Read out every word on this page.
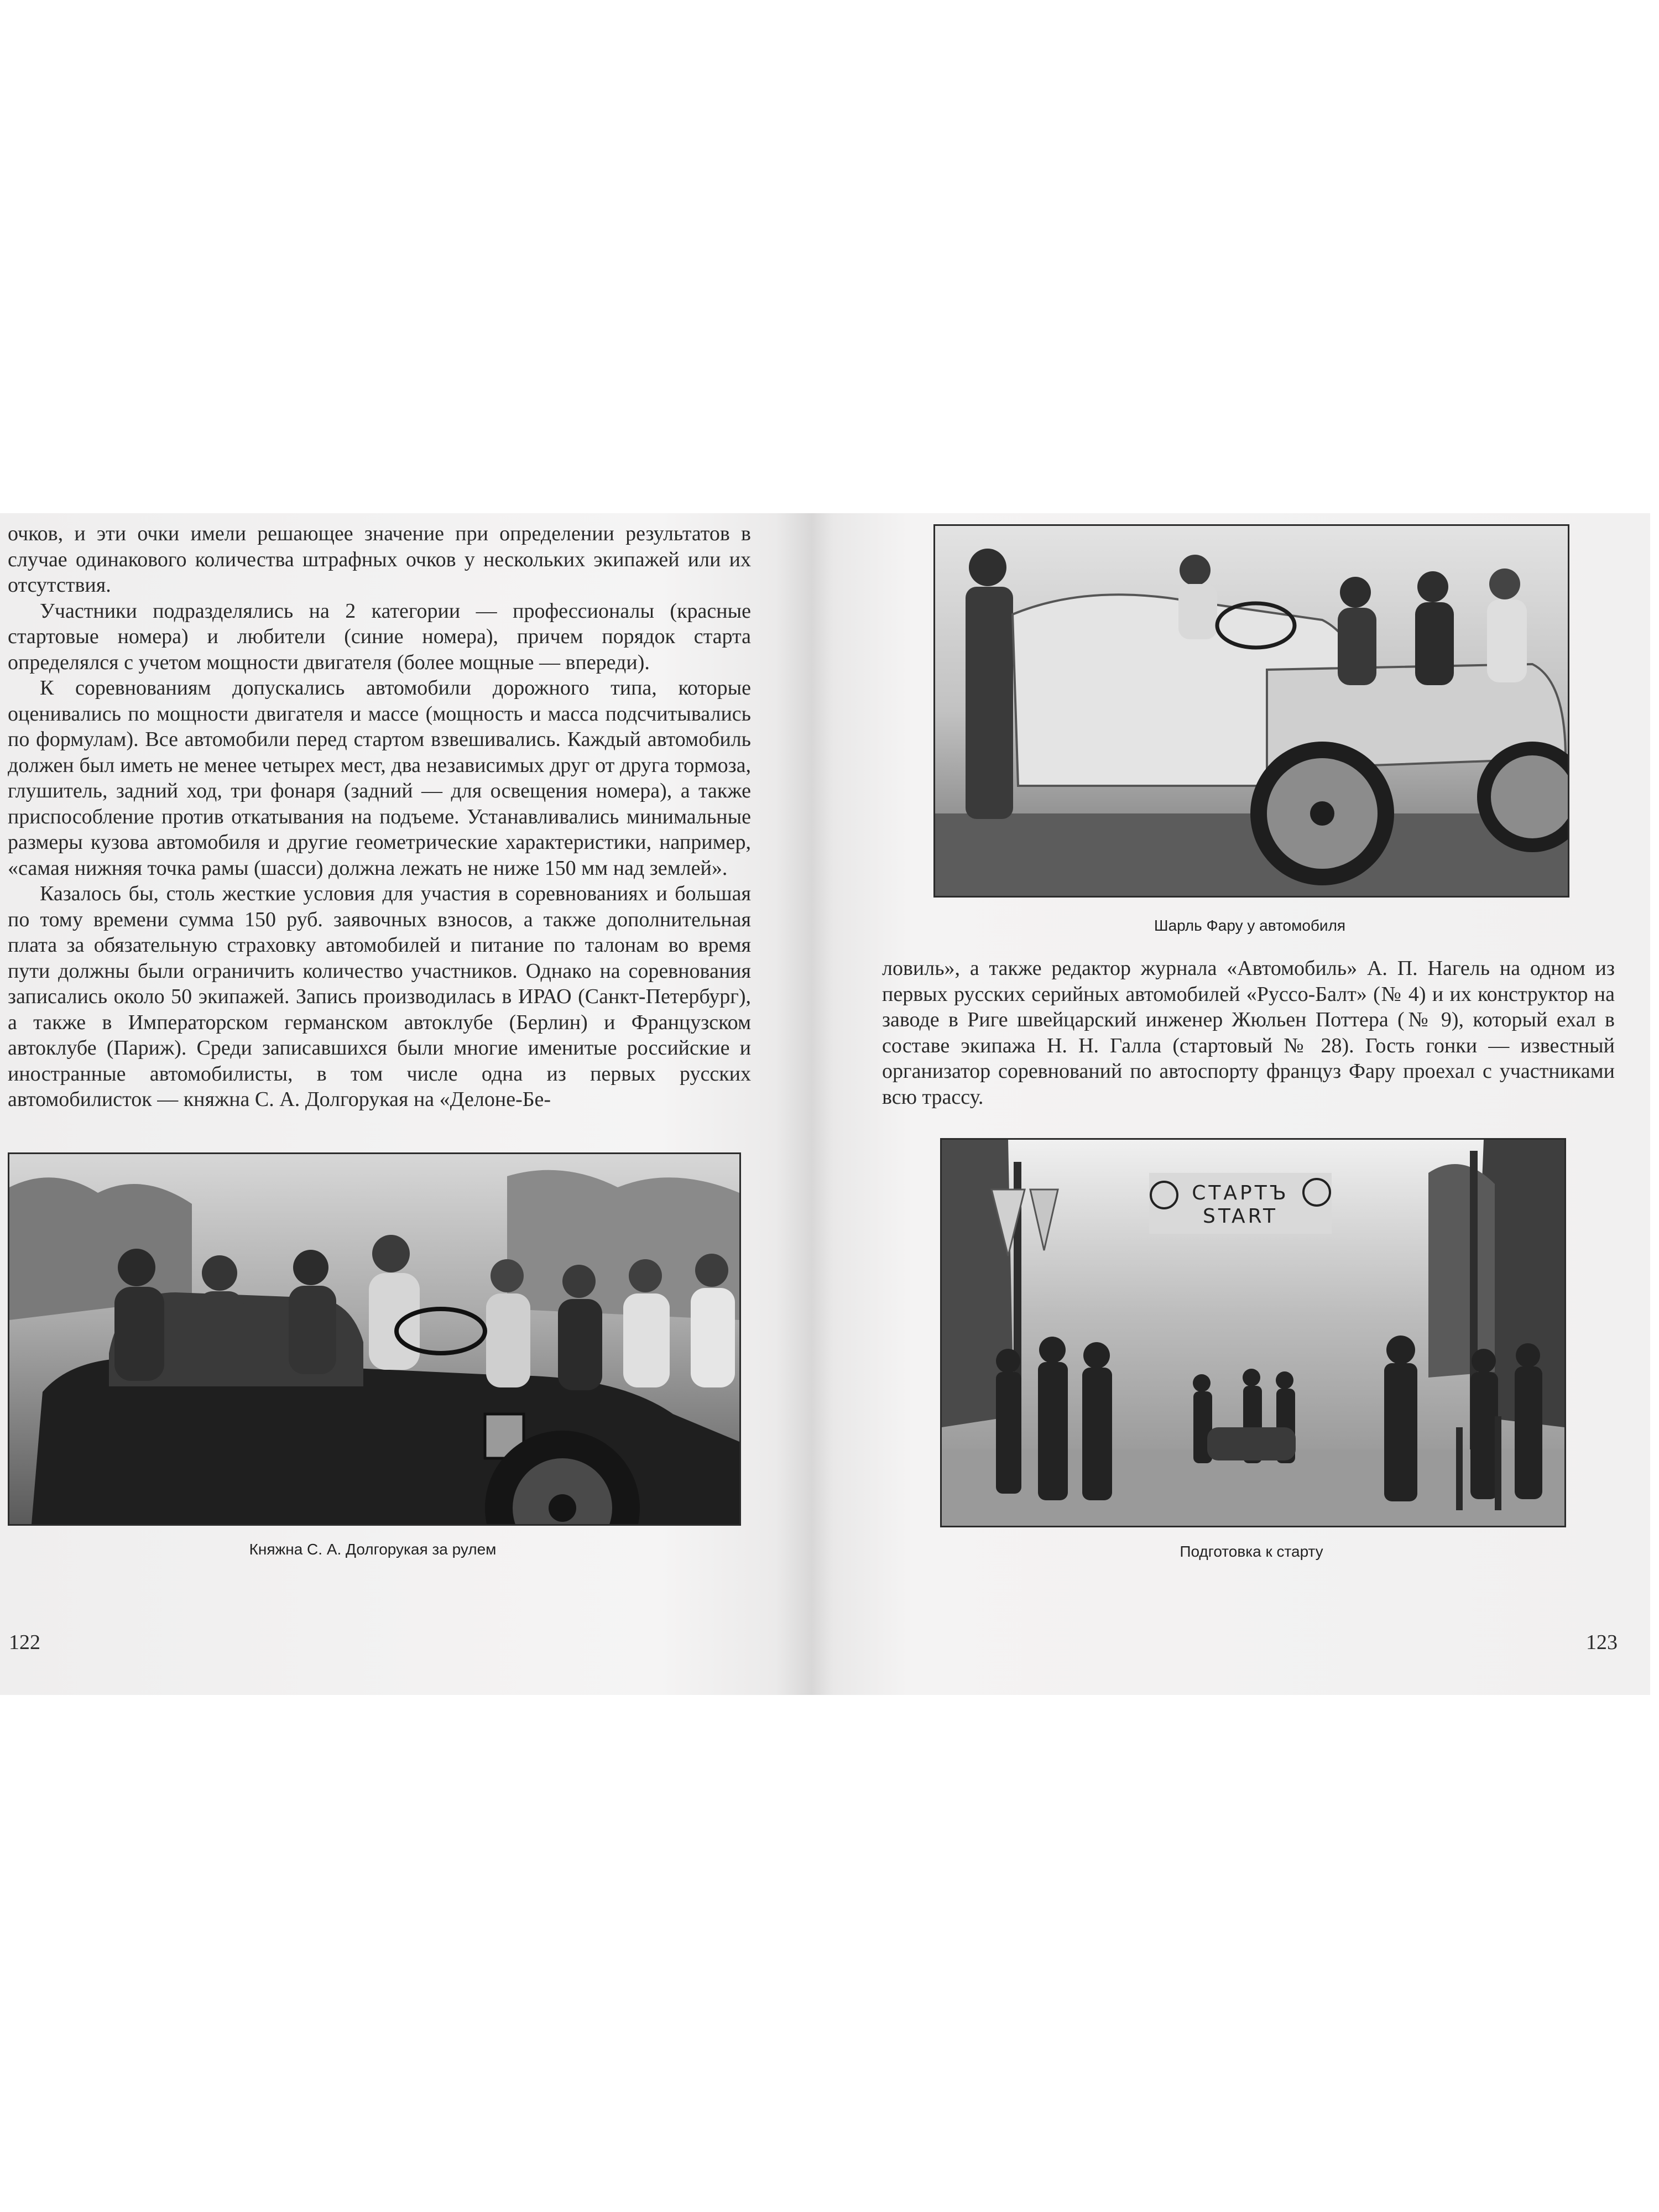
очков, и эти очки имели решающее значение при определении результатов в случае одинакового количества штрафных очков у нескольких экипажей или их отсутствия.

Участники подразделялись на 2 категории — профессионалы (красные стартовые номера) и любители (синие номера), причем порядок старта определялся с учетом мощности двигателя (более мощные — впереди).

К соревнованиям допускались автомобили дорожного типа, которые оценивались по мощности двигателя и массе (мощность и масса подсчитывались по формулам). Все автомобили перед стартом взвешивались. Каждый автомобиль должен был иметь не менее четырех мест, два независимых друг от друга тормоза, глушитель, задний ход, три фонаря (задний — для освещения номера), а также приспособление против откатывания на подъеме. Устанавливались минимальные размеры кузова автомобиля и другие геометрические характеристики, например, «самая нижняя точка рамы (шасси) должна лежать не ниже 150 мм над землей».

Казалось бы, столь жесткие условия для участия в соревнованиях и большая по тому времени сумма 150 руб. заявочных взносов, а также дополнительная плата за обязательную страховку автомобилей и питание по талонам во время пути должны были ограничить количество участников. Однако на соревнования записались около 50 экипажей. Запись производилась в ИРАО (Санкт-Петербург), а также в Императорском германском автоклубе (Берлин) и Французском автоклубе (Париж). Среди записавшихся были многие именитые российские и иностранные автомобилисты, в том числе одна из первых русских автомобилисток — княжна С. А. Долгорукая на «Делоне-Бе-

Княжна С. А. Долгорукая за рулем
122
Шарль Фару у автомобиля

ловиль», а также редактор журнала «Автомобиль» А. П. Нагель на одном из первых русских серийных автомобилей «Руссо-Балт» (№ 4) и их конструктор на заводе в Риге швейцарский инженер Жюльен Поттера (№ 9), который ехал в составе экипажа Н. Н. Галла (стартовый № 28). Гость гонки — известный организатор соревнований по автоспорту француз Фару проехал с участниками всю трассу.

СТАРТЪ
START
Подготовка к старту
123
